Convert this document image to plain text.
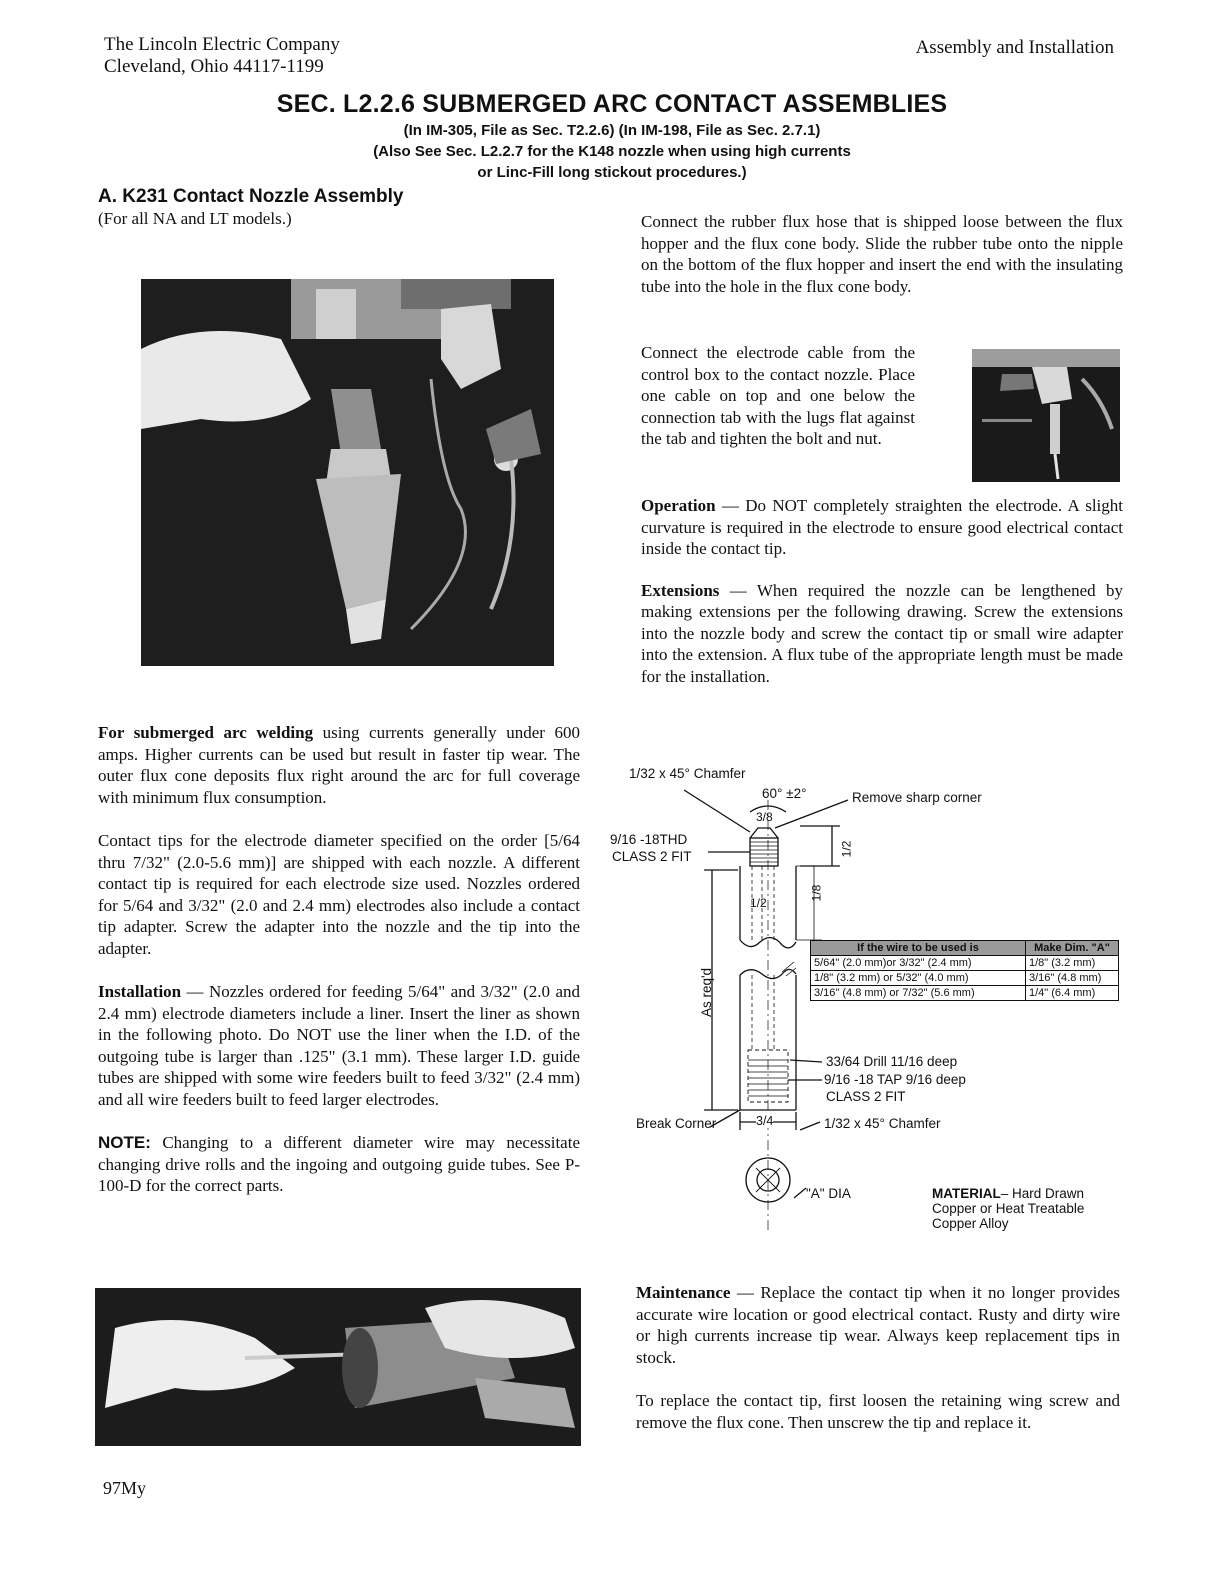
The Lincoln Electric Company
Cleveland, Ohio 44117-1199
Assembly and Installation
SEC. L2.2.6 SUBMERGED ARC CONTACT ASSEMBLIES
(In IM-305, File as Sec. T2.2.6) (In IM-198, File as Sec. 2.7.1)
(Also See Sec. L2.2.7 for the K148 nozzle when using high currents
or Linc-Fill long stickout procedures.)
A. K231 Contact Nozzle Assembly
(For all NA and LT models.)

For submerged arc welding using currents generally under 600 amps. Higher currents can be used but result in faster tip wear. The outer flux cone deposits flux right around the arc for full coverage with minimum flux consumption.

Contact tips for the electrode diameter specified on the order [5/64 thru 7/32" (2.0-5.6 mm)] are shipped with each nozzle. A different contact tip is required for each electrode size used. Nozzles ordered for 5/64 and 3/32" (2.0 and 2.4 mm) electrodes also include a contact tip adapter. Screw the adapter into the nozzle and the tip into the adapter.

Installation — Nozzles ordered for feeding 5/64" and 3/32" (2.0 and 2.4 mm) electrode diameters include a liner. Insert the liner as shown in the following photo. Do NOT use the liner when the I.D. of the outgoing tube is larger than .125" (3.1 mm). These larger I.D. guide tubes are shipped with some wire feeders built to feed 3/32" (2.4 mm) and all wire feeders built to feed larger electrodes.

NOTE: Changing to a different diameter wire may necessitate changing drive rolls and the ingoing and outgoing guide tubes. See P-100-D for the correct parts.

Connect the rubber flux hose that is shipped loose between the flux hopper and the flux cone body. Slide the rubber tube onto the nipple on the bottom of the flux hopper and insert the end with the insulating tube into the hole in the flux cone body.

Connect the electrode cable from the control box to the contact nozzle. Place one cable on top and one below the connection tab with the lugs flat against the tab and tighten the bolt and nut.

Operation — Do NOT completely straighten the electrode. A slight curvature is required in the electrode to ensure good electrical contact inside the contact tip.

Extensions — When required the nozzle can be lengthened by making extensions per the following drawing. Screw the extensions into the nozzle body and screw the contact tip or small wire adapter into the extension. A flux tube of the appropriate length must be made for the installation.

1/32 x 45° Chamfer
60° ±2°	Remove sharp corner
3/8
9/16 -18THD
CLASS 2 FIT	1/2
1/2
1/8
As req'd
33/64 Drill 11/16 deep
9/16 -18 TAP 9/16 deep
CLASS 2 FIT
Break Corner	3/4	1/32 x 45° Chamfer
"A" DIA
If the wire to be used is	Make Dim. "A"
5/64" (2.0 mm)or 3/32" (2.4 mm)	1/8" (3.2 mm)
1/8" (3.2 mm) or 5/32" (4.0 mm)	3/16" (4.8 mm)
3/16" (4.8 mm) or 7/32" (5.6 mm)	1/4" (6.4 mm)
MATERIAL– Hard Drawn Copper or Heat Treatable Copper Alloy

Maintenance — Replace the contact tip when it no longer provides accurate wire location or good electrical contact. Rusty and dirty wire or high currents increase tip wear. Always keep replacement tips in stock.

To replace the contact tip, first loosen the retaining wing screw and remove the flux cone. Then unscrew the tip and replace it.

97My
